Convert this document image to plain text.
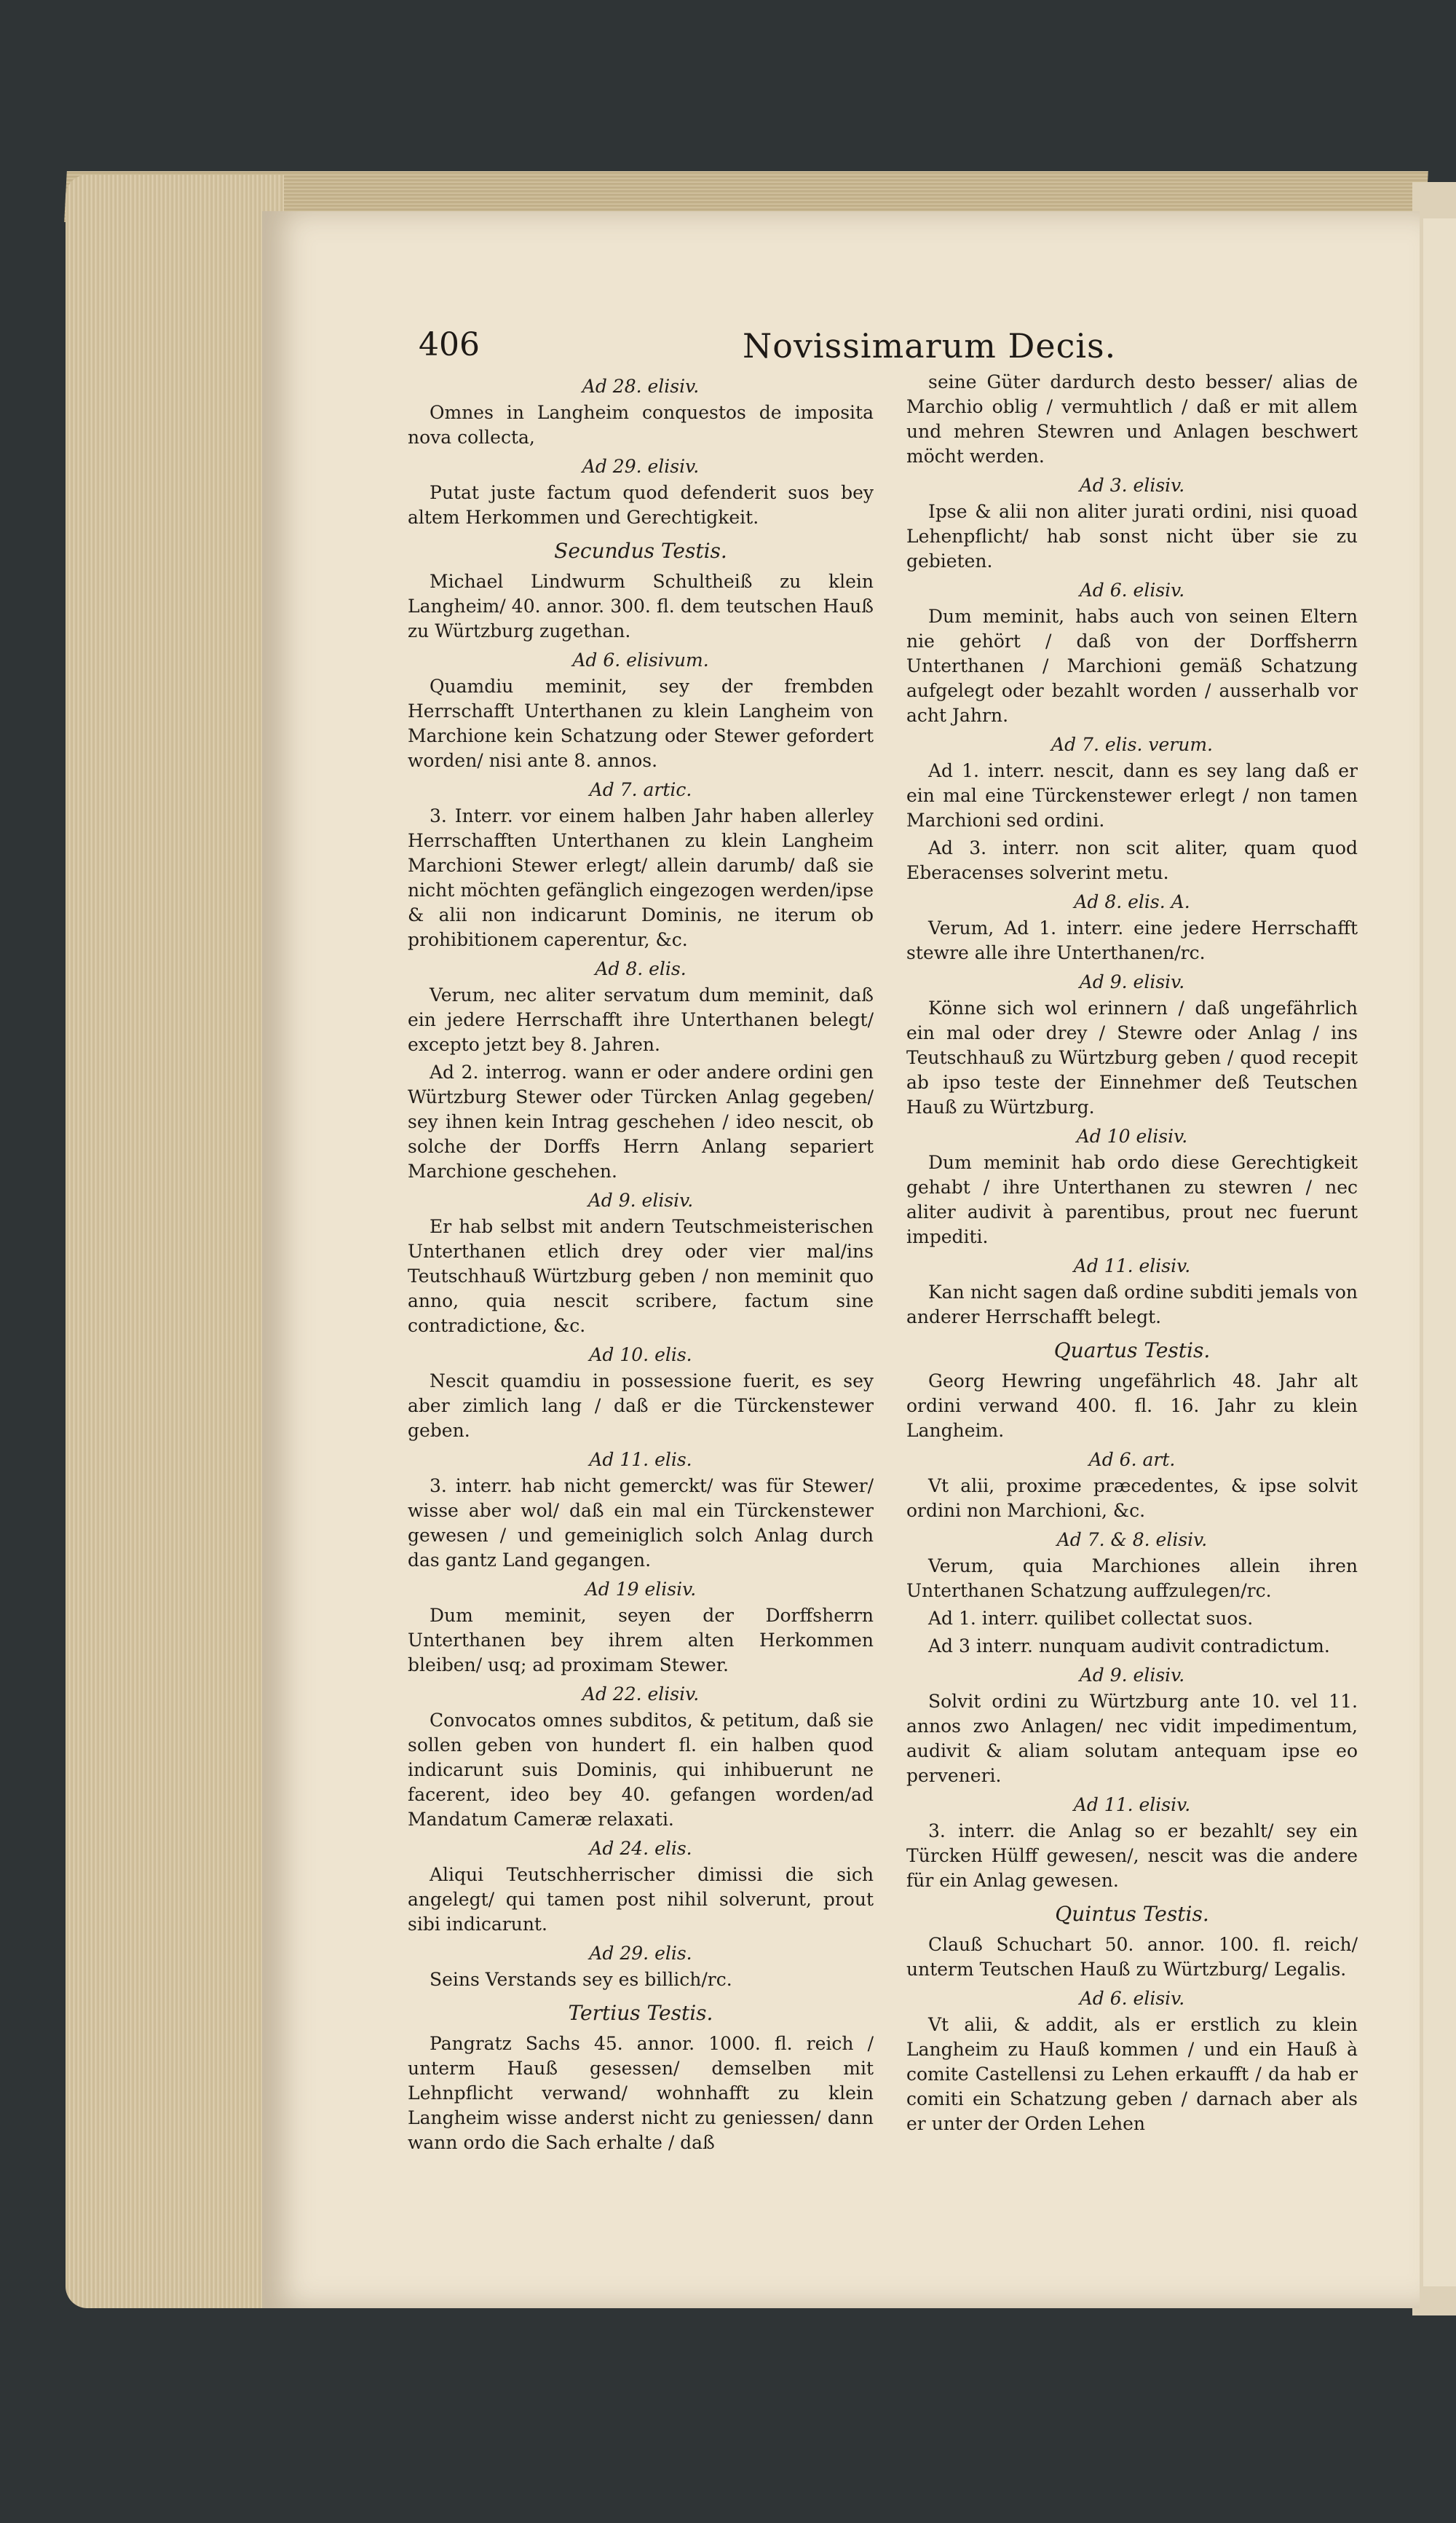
406	Novissimarum Decis.

Ad 28. elisiv.

Omnes in Langheim conquestos de imposita nova collecta,

Ad 29. elisiv.

Putat juste factum quod defenderit suos bey altem Herkommen und Gerechtigkeit.

Secundus Testis.

Michael Lindwurm Schultheiß zu klein Langheim/ 40. annor. 300. fl. dem teutschen Hauß zu Würtzburg zugethan.

Ad 6. elisivum.

Quamdiu meminit, sey der frembden Herrschafft Unterthanen zu klein Langheim von Marchione kein Schatzung oder Stewer gefordert worden/ nisi ante 8. annos.

Ad 7. artic.

3. Interr. vor einem halben Jahr haben allerley Herrschafften Unterthanen zu klein Langheim Marchioni Stewer erlegt/ allein darumb/ daß sie nicht möchten gefänglich eingezogen werden/ipse & alii non indicarunt Dominis, ne iterum ob prohibitionem caperentur, &c.

Ad 8. elis.

Verum, nec aliter servatum dum meminit, daß ein jedere Herrschafft ihre Unterthanen belegt/ excepto jetzt bey 8. Jahren.

Ad 2. interrog. wann er oder andere ordini gen Würtzburg Stewer oder Türcken Anlag gegeben/ sey ihnen kein Intrag geschehen / ideo nescit, ob solche der Dorffs Herrn Anlang separiert Marchione geschehen.

Ad 9. elisiv.

Er hab selbst mit andern Teutschmeisterischen Unterthanen etlich drey oder vier mal/ins Teutschhauß Würtzburg geben / non meminit quo anno, quia nescit scribere, factum sine contradictione, &c.

Ad 10. elis.

Nescit quamdiu in possessione fuerit, es sey aber zimlich lang / daß er die Türckenstewer geben.

Ad 11. elis.

3. interr. hab nicht gemerckt/ was für Stewer/ wisse aber wol/ daß ein mal ein Türckenstewer gewesen / und gemeiniglich solch Anlag durch das gantz Land gegangen.

Ad 19 elisiv.

Dum meminit, seyen der Dorffsherrn Unterthanen bey ihrem alten Herkommen bleiben/ usq; ad proximam Stewer.

Ad 22. elisiv.

Convocatos omnes subditos, & petitum, daß sie sollen geben von hundert fl. ein halben quod indicarunt suis Dominis, qui inhibuerunt ne facerent, ideo bey 40. gefangen worden/ad Mandatum Cameræ relaxati.

Ad 24. elis.

Aliqui Teutschherrischer dimissi die sich angelegt/ qui tamen post nihil solverunt, prout sibi indicarunt.

Ad 29. elis.

Seins Verstands sey es billich/rc.

Tertius Testis.

Pangratz Sachs 45. annor. 1000. fl. reich / unterm Hauß gesessen/ demselben mit Lehnpflicht verwand/ wohnhafft zu klein Langheim wisse anderst nicht zu geniessen/ dann wann ordo die Sach erhalte / daß

seine Güter dardurch desto besser/ alias de Marchio oblig / vermuhtlich / daß er mit allem und mehren Stewren und Anlagen beschwert möcht werden.

Ad 3. elisiv.

Ipse & alii non aliter jurati ordini, nisi quoad Lehenpflicht/ hab sonst nicht über sie zu gebieten.

Ad 6. elisiv.

Dum meminit, habs auch von seinen Eltern nie gehört / daß von der Dorffsherrn Unterthanen / Marchioni gemäß Schatzung aufgelegt oder bezahlt worden / ausserhalb vor acht Jahrn.

Ad 7. elis. verum.

Ad 1. interr. nescit, dann es sey lang daß er ein mal eine Türckenstewer erlegt / non tamen Marchioni sed ordini.

Ad 3. interr. non scit aliter, quam quod Eberacenses solverint metu.

Ad 8. elis. A.

Verum, Ad 1. interr. eine jedere Herrschafft stewre alle ihre Unterthanen/rc.

Ad 9. elisiv.

Könne sich wol erinnern / daß ungefährlich ein mal oder drey / Stewre oder Anlag / ins Teutschhauß zu Würtzburg geben / quod recepit ab ipso teste der Einnehmer deß Teutschen Hauß zu Würtzburg.

Ad 10 elisiv.

Dum meminit hab ordo diese Gerechtigkeit gehabt / ihre Unterthanen zu stewren / nec aliter audivit à parentibus, prout nec fuerunt impediti.

Ad 11. elisiv.

Kan nicht sagen daß ordine subditi jemals von anderer Herrschafft belegt.

Quartus Testis.

Georg Hewring ungefährlich 48. Jahr alt ordini verwand 400. fl. 16. Jahr zu klein Langheim.

Ad 6. art.

Vt alii, proxime præcedentes, & ipse solvit ordini non Marchioni, &c.

Ad 7. & 8. elisiv.

Verum, quia Marchiones allein ihren Unterthanen Schatzung auffzulegen/rc.

Ad 1. interr. quilibet collectat suos.

Ad 3 interr. nunquam audivit contradictum.

Ad 9. elisiv.

Solvit ordini zu Würtzburg ante 10. vel 11. annos zwo Anlagen/ nec vidit impedimentum, audivit & aliam solutam antequam ipse eo perveneri.

Ad 11. elisiv.

3. interr. die Anlag so er bezahlt/ sey ein Türcken Hülff gewesen/, nescit was die andere für ein Anlag gewesen.

Quintus Testis.

Clauß Schuchart 50. annor. 100. fl. reich/ unterm Teutschen Hauß zu Würtzburg/ Legalis.

Ad 6. elisiv.

Vt alii, & addit, als er erstlich zu klein Langheim zu Hauß kommen / und ein Hauß à comite Castellensi zu Lehen erkaufft / da hab er comiti ein Schatzung geben / darnach aber als er unter der Orden Lehen
